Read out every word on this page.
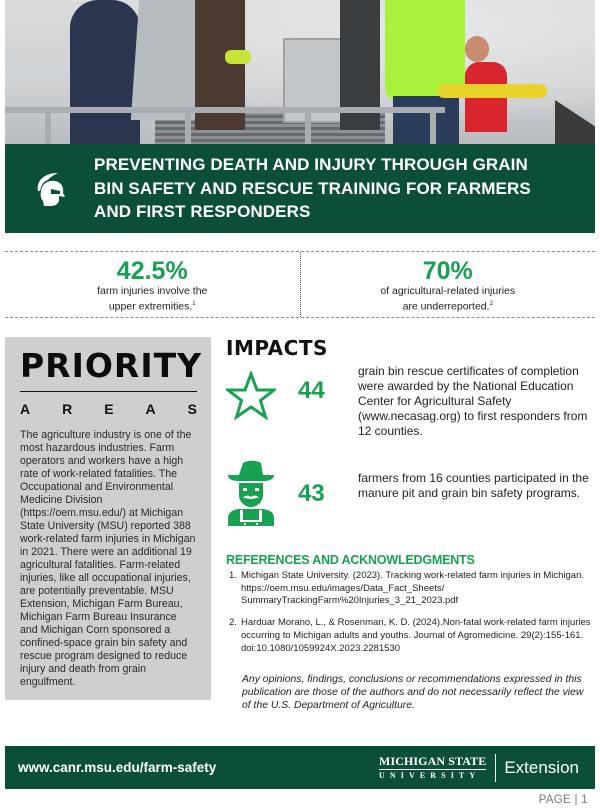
PREVENTING DEATH AND INJURY THROUGH GRAIN BIN SAFETY AND RESCUE TRAINING FOR FARMERS AND FIRST RESPONDERS
42.5%
farm injuries involve the
upper extremities.$^1$
70%
of agricultural-related injuries
are underreported.$^2$
PRIORITY
A R E A S

The agriculture industry is one of the most hazardous industries. Farm operators and workers have a high rate of work-related fatalities. The Occupational and Environmental Medicine Division (https://oem.msu.edu/) at Michigan State University (MSU) reported 388 work-related farm injuries in Michigan in 2021. There were an additional 19 agricultural fatalities. Farm-related injuries, like all occupational injuries, are potentially preventable. MSU Extension, Michigan Farm Bureau, Michigan Farm Bureau Insurance and Michigan Corn sponsored a confined-space grain bin safety and rescue program designed to reduce injury and death from grain engulfment.

IMPACTS
44
grain bin rescue certificates of completion were awarded by the National Education Center for Agricultural Safety (www.necasag.org) to first responders from 12 counties.
43
farmers from 16 counties participated in the manure pit and grain bin safety programs.
REFERENCES AND ACKNOWLEDGMENTS
1. Michigan State University. (2023). Tracking work-related farm injuries in Michigan. https://oem.msu.edu/images/Data_Fact_Sheets/ SummaryTrackingFarm%20Injuries_3_21_2023.pdf
2. Harduar Morano, L., & Rosenman, K. D. (2024).Non-fatal work-related farm injuries occurring to Michigan adults and youths. Journal of Agromedicine. 29(2):155-161. doi:10.1080/1059924X.2023.2281530

Any opinions, findings, conclusions or recommendations expressed in this publication are those of the authors and do not necessarily reflect the view of the U.S. Department of Agriculture.

www.canr.msu.edu/farm-safety	MICHIGAN STATE
UNIVERSITY	Extension
PAGE | 1
